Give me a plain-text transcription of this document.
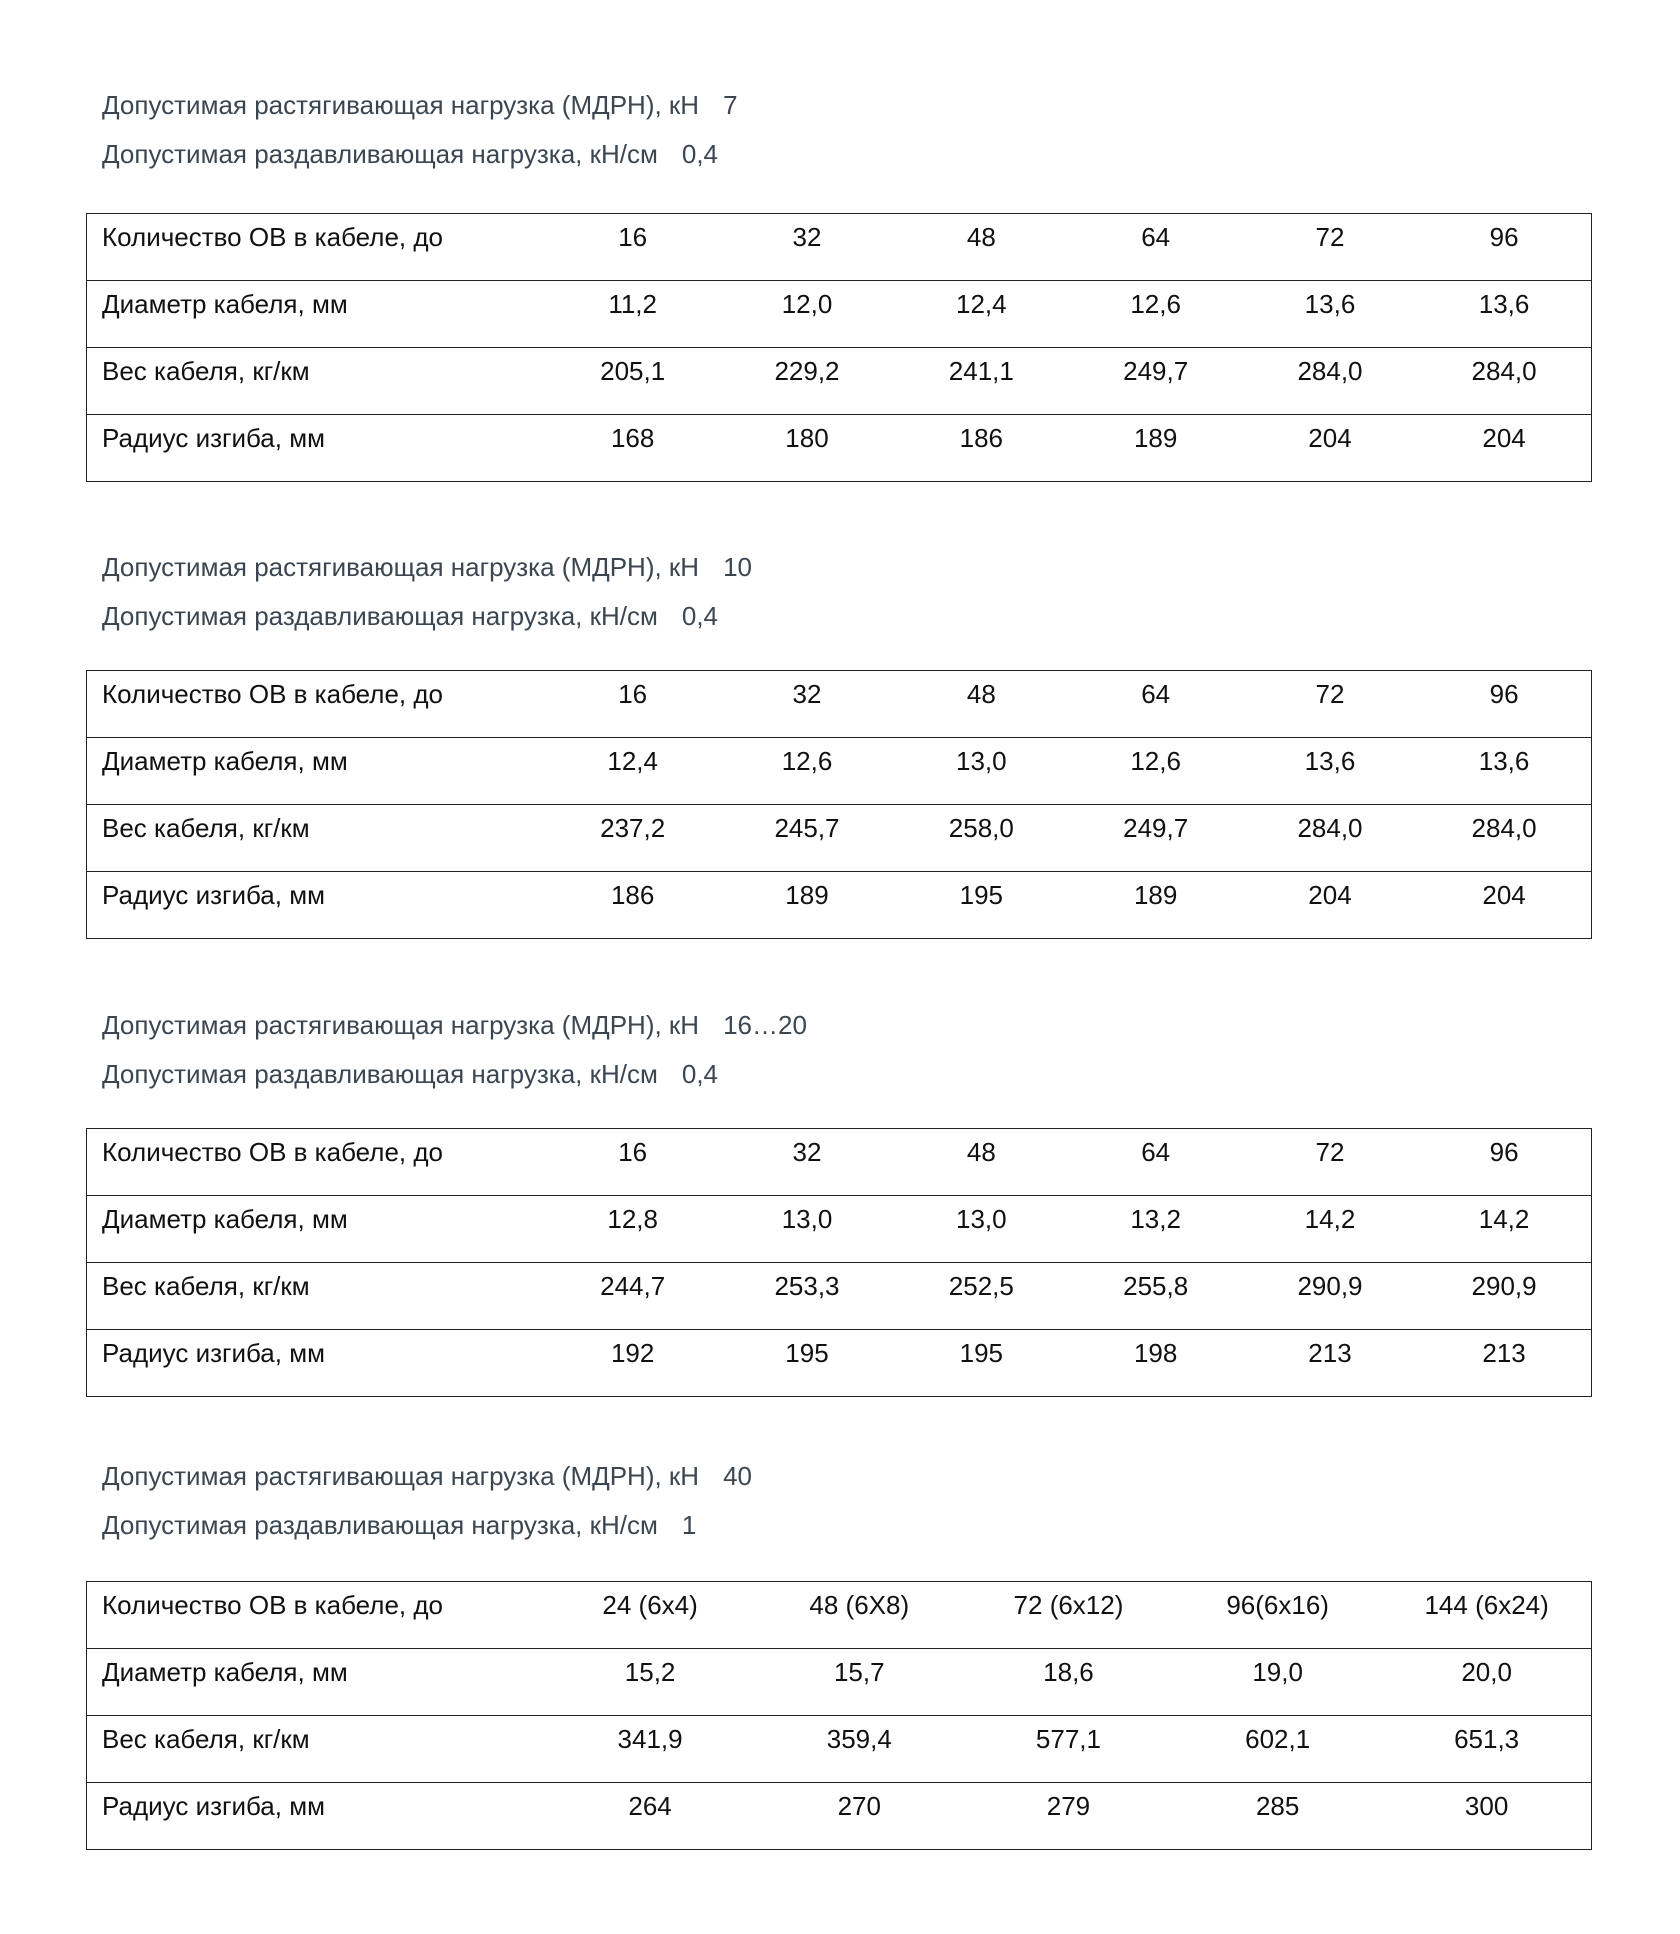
Допустимая растягивающая нагрузка (МДРН), кН 7
Допустимая раздавливающая нагрузка, кН/см 0,4
Количество ОВ в кабеле, до	16	32	48	64	72	96
Диаметр кабеля, мм	11,2	12,0	12,4	12,6	13,6	13,6
Вес кабеля, кг/км	205,1	229,2	241,1	249,7	284,0	284,0
Радиус изгиба, мм	168	180	186	189	204	204
Допустимая растягивающая нагрузка (МДРН), кН 10
Допустимая раздавливающая нагрузка, кН/см 0,4
Количество ОВ в кабеле, до	16	32	48	64	72	96
Диаметр кабеля, мм	12,4	12,6	13,0	12,6	13,6	13,6
Вес кабеля, кг/км	237,2	245,7	258,0	249,7	284,0	284,0
Радиус изгиба, мм	186	189	195	189	204	204
Допустимая растягивающая нагрузка (МДРН), кН 16…20
Допустимая раздавливающая нагрузка, кН/см 0,4
Количество ОВ в кабеле, до	16	32	48	64	72	96
Диаметр кабеля, мм	12,8	13,0	13,0	13,2	14,2	14,2
Вес кабеля, кг/км	244,7	253,3	252,5	255,8	290,9	290,9
Радиус изгиба, мм	192	195	195	198	213	213
Допустимая растягивающая нагрузка (МДРН), кН 40
Допустимая раздавливающая нагрузка, кН/см 1
Количество ОВ в кабеле, до	24 (6x4)	48 (6X8)	72 (6x12)	96(6x16)	144 (6x24)
Диаметр кабеля, мм	15,2	15,7	18,6	19,0	20,0
Вес кабеля, кг/км	341,9	359,4	577,1	602,1	651,3
Радиус изгиба, мм	264	270	279	285	300
